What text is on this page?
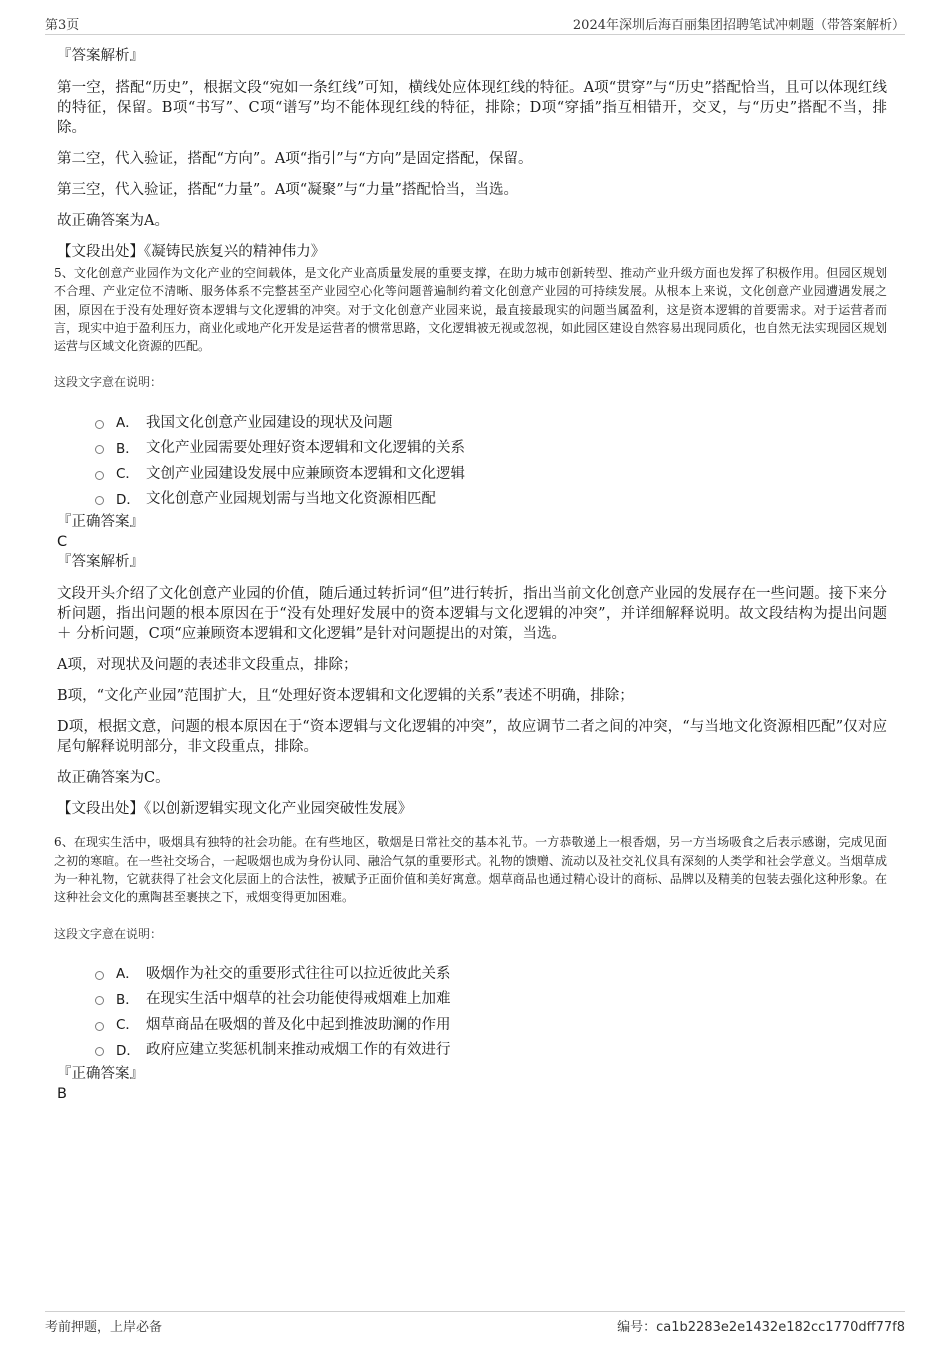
第3页	2024年深圳后海百丽集团招聘笔试冲刺题（带答案解析）
『答案解析』
第一空，搭配“历史”，根据文段“宛如一条红线”可知，横线处应体现红线的特征。A项“贯穿”与“历史”搭配恰当，且可以体现红线的特征，保留。B项“书写”、C项“谱写”均不能体现红线的特征，排除；D项“穿插”指互相错开，交叉，与“历史”搭配不当，排除。
第二空，代入验证，搭配“方向”。A项“指引”与“方向”是固定搭配，保留。
第三空，代入验证，搭配“力量”。A项“凝聚”与“力量”搭配恰当，当选。
故正确答案为A。
【文段出处】《凝铸民族复兴的精神伟力》
5、文化创意产业园作为文化产业的空间载体，是文化产业高质量发展的重要支撑，在助力城市创新转型、推动产业升级方面也发挥了积极作用。但园区规划不合理、产业定位不清晰、服务体系不完整甚至产业园空心化等问题普遍制约着文化创意产业园的可持续发展。从根本上来说，文化创意产业园遭遇发展之困，原因在于没有处理好资本逻辑与文化逻辑的冲突。对于文化创意产业园来说，最直接最现实的问题当属盈利，这是资本逻辑的首要需求。对于运营者而言，现实中迫于盈利压力，商业化或地产化开发是运营者的惯常思路，文化逻辑被无视或忽视，如此园区建设自然容易出现同质化，也自然无法实现园区规划运营与区域文化资源的匹配。
这段文字意在说明：
A． 我国文化创意产业园建设的现状及问题
B． 文化产业园需要处理好资本逻辑和文化逻辑的关系
C． 文创产业园建设发展中应兼顾资本逻辑和文化逻辑
D． 文化创意产业园规划需与当地文化资源相匹配
『正确答案』
C
『答案解析』
文段开头介绍了文化创意产业园的价值，随后通过转折词“但”进行转折，指出当前文化创意产业园的发展存在一些问题。接下来分析问题，指出问题的根本原因在于“没有处理好发展中的资本逻辑与文化逻辑的冲突”，并详细解释说明。故文段结构为提出问题 ＋ 分析问题，C项“应兼顾资本逻辑和文化逻辑”是针对问题提出的对策，当选。
A项，对现状及问题的表述非文段重点，排除；
B项，“文化产业园”范围扩大，且“处理好资本逻辑和文化逻辑的关系”表述不明确，排除；
D项，根据文意，问题的根本原因在于“资本逻辑与文化逻辑的冲突”，故应调节二者之间的冲突，“与当地文化资源相匹配”仅对应尾句解释说明部分，非文段重点，排除。
故正确答案为C。
【文段出处】《以创新逻辑实现文化产业园突破性发展》
6、在现实生活中，吸烟具有独特的社会功能。在有些地区，敬烟是日常社交的基本礼节。一方恭敬递上一根香烟，另一方当场吸食之后表示感谢，完成见面之初的寒暄。在一些社交场合，一起吸烟也成为身份认同、融洽气氛的重要形式。礼物的馈赠、流动以及社交礼仪具有深刻的人类学和社会学意义。当烟草成为一种礼物，它就获得了社会文化层面上的合法性，被赋予正面价值和美好寓意。烟草商品也通过精心设计的商标、品牌以及精美的包装去强化这种形象。在这种社会文化的熏陶甚至裹挟之下，戒烟变得更加困难。
这段文字意在说明：
A． 吸烟作为社交的重要形式往往可以拉近彼此关系
B． 在现实生活中烟草的社会功能使得戒烟难上加难
C． 烟草商品在吸烟的普及化中起到推波助澜的作用
D． 政府应建立奖惩机制来推动戒烟工作的有效进行
『正确答案』
B
考前押题，上岸必备	编号：ca1b2283e2e1432e182cc1770dff77f8
